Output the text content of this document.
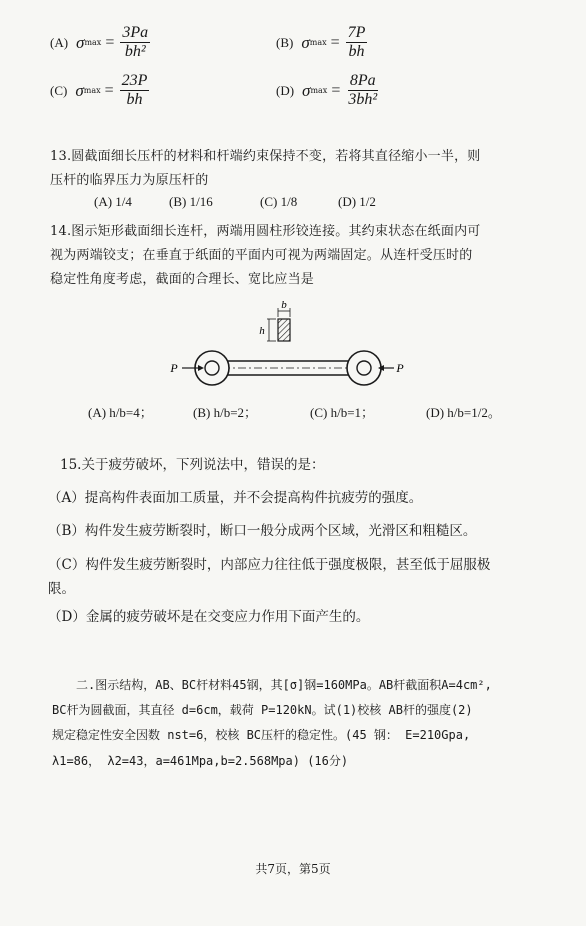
(A) σ $\max = \frac{3Pa}{\text{bh²}}$	(B) σ $\max = \frac{7P}{bh}$
(C) σ $\max = \frac{23P}{bh}$	(D) σ $\max = \frac{8Pa}{\text{3bh²}}$
13.圆截面细长压杆的材料和杆端约束保持不变，若将其直径缩小一半，则
压杆的临界压力为原压杆的
(A) 1/4	(B) 1/16	(C) 1/8	(D) 1/2
14.图示矩形截面细长连杆，两端用圆柱形铰连接。其约束状态在纸面内可
视为两端铰支；在垂直于纸面的平面内可视为两端固定。从连杆受压时的
稳定性角度考虑，截面的合理长、宽比应当是
b
h
P	P
(A) h/b=4；	(B) h/b=2；	(C) h/b=1；	(D) h/b=1/2。
15.关于疲劳破坏，下列说法中，错误的是：
（A）提高构件表面加工质量，并不会提高构件抗疲劳的强度。
（B）构件发生疲劳断裂时，断口一般分成两个区域，光滑区和粗糙区。
（C）构件发生疲劳断裂时，内部应力往往低于强度极限，甚至低于屈服极
限。
（D）金属的疲劳破坏是在交变应力作用下面产生的。
二.图示结构，AB、BC杆材料45钢，其[σ]钢=160MPa。AB杆截面积A=4cm²,
BC杆为圆截面，其直径 d=6cm，载荷 P=120kN。试(1)校核 AB杆的强度(2)
规定稳定性安全因数 nst=6，校核 BC压杆的稳定性。(45 钢： E=210Gpa,
λ1=86， λ2=43，a=461Mpa,b=2.568Mpa) (16分)
共7页，第5页
